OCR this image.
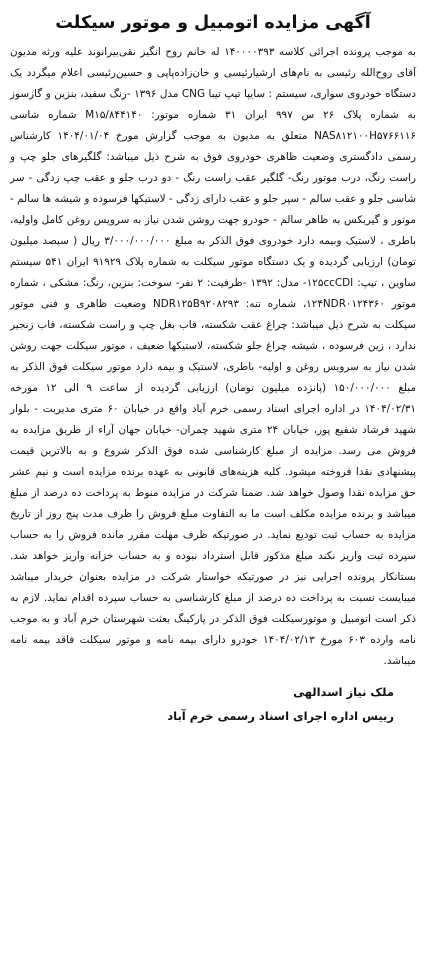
آگهی مزایده اتومبیل و موتور سیکلت

به موجب پرونده اجرائی کلاسه ۱۴۰۰۰۰۳۹۳ له خانم روح انگیز نقی‌بیرانوند علیه ورثه مدیون آقای روح‌الله رئیسی به نام‌های ارشیارئیسی و خان‌زاده‌پاپی و حسین‌رئیسی اعلام میگردد یک دستگاه خودروی سواری، سیستم : سایپا تیپ تیبا CNG مدل ۱۳۹۶ -رنگ سفید، بنزین و گازسوز به شماره پلاک ۲۶ س ۹۹۷ ایران ۳۱ شماره موتور: M۱۵/۸۴۴۱۴۰ شماره شاسی NAS۸۱۲۱۰۰H۵۷۶۶۱۱۶ متعلق به مدیون به موجب گزارش مورخ ۱۴۰۴/۰۱/۰۴ کارشناس رسمی دادگستری وضعیت ظاهری خودروی فوق به شرح ذیل میباشد: گلگیرهای جلو چپ و راست رنگ، درب موتور رنگ- گلگیر عقب راست رنگ - دو درب جلو و عقب چپ زدگی - سر شاسی جلو و عقب سالم - سپر جلو و عقب دارای زدگی - لاستیکها فرسوده و شیشه ها سالم - موتور و گیربکس به ظاهر سالم - خودرو جهت روشن شدن نیاز به سرویس روغن کامل واولیه، باطری ، لاستیک وبیمه دارد خودروی فوق الذکر به مبلغ ۳/۰۰۰/۰۰۰/۰۰۰ ریال ( سیصد میلیون تومان) ارزیابی گردیده و یک دستگاه موتور سیکلت به شماره پلاک ۹۱۹۲۹ ایران ۵۴۱ سیستم ساوین ، تیپ: ۱۲۵ccCDI- مدل: ۱۳۹۲ -ظرفیت: ۲ نفر- سوخت: بنزین، رنگ: مشکی ، شماره موتور ۱۲۴NDR۰۱۲۴۳۶۰، شماره تنه: NDR۱۲۵B۹۲۰۸۲۹۳ وضعیت ظاهری و فنی موتور سیکلت به شرح ذیل میباشد: چراغ عقب شکسته، قاب بغل چپ و راست شکسته، قاب زنجیر ندارد ، زین فرسوده ، شیشه چراغ جلو شکسته، لاستیکها ضعیف ، موتور سیکلت جهت روشن شدن نیاز به سرویس روغن و اولیه- باطری، لاستیک و بیمه دارد موتور سیکلت فوق الذکر به مبلغ ۱۵۰/۰۰۰/۰۰۰ (پانزده میلیون تومان) ارزیابی گردیده از ساعت ۹ الی ۱۲ مورخه ۱۴۰۴/۰۲/۳۱ در اداره اجرای اسناد رسمی خرم آباد واقع در خیابان ۶۰ متری مدیریت - بلوار شهید فرشاد شفیع پور، خیابان ۲۴ متری شهید چمران- خیابان جهان آراء از طریق مزایده به فروش می رسد. مزایده از مبلغ کارشناسی شده فوق الذکر شروع و به بالاترین قیمت پیشنهادی نقدا فروخته میشود. کلیه هزینه‌های قانونی به عهده برنده مزایده است و نیم عشر حق مزایده نقدا وصول خواهد شد. ضمنا شرکت در مزایده منوط به پرداخت ده درصد از مبلغ میباشد و برنده مزایده مکلف است ما به التفاوت مبلغ فروش را ظرف مدت پنج روز از تاریخ مزایده به حساب ثبت تودیع نماید. در صورتیکه ظرف مهلت مقرر مانده فروش را به حساب سپرده ثبت واریز نکند مبلغ مذکور قابل استرداد نبوده و به حساب خزانه واریز خواهد شد. بستانکار پرونده اجرایی نیز در صورتیکه خواستار شرکت در مزایده بعنوان خریدار میباشد میبایست نسبت به پرداخت ده درصد از مبلغ کارشناسی به حساب سپرده اقدام نماید. لازم به ذکر است اتومبیل و موتورسیکلت فوق الذکر در پارکینگ بعثت شهرستان خرم آباد و به موجب نامه وارده ۶۰۳ مورخ ۱۴۰۴/۰۲/۱۳ خودرو دارای بیمه نامه و موتور سیکلت فاقد بیمه نامه میباشد.

ملک نیاز اسدالهی
رییس اداره اجرای اسناد رسمی خرم آباد
